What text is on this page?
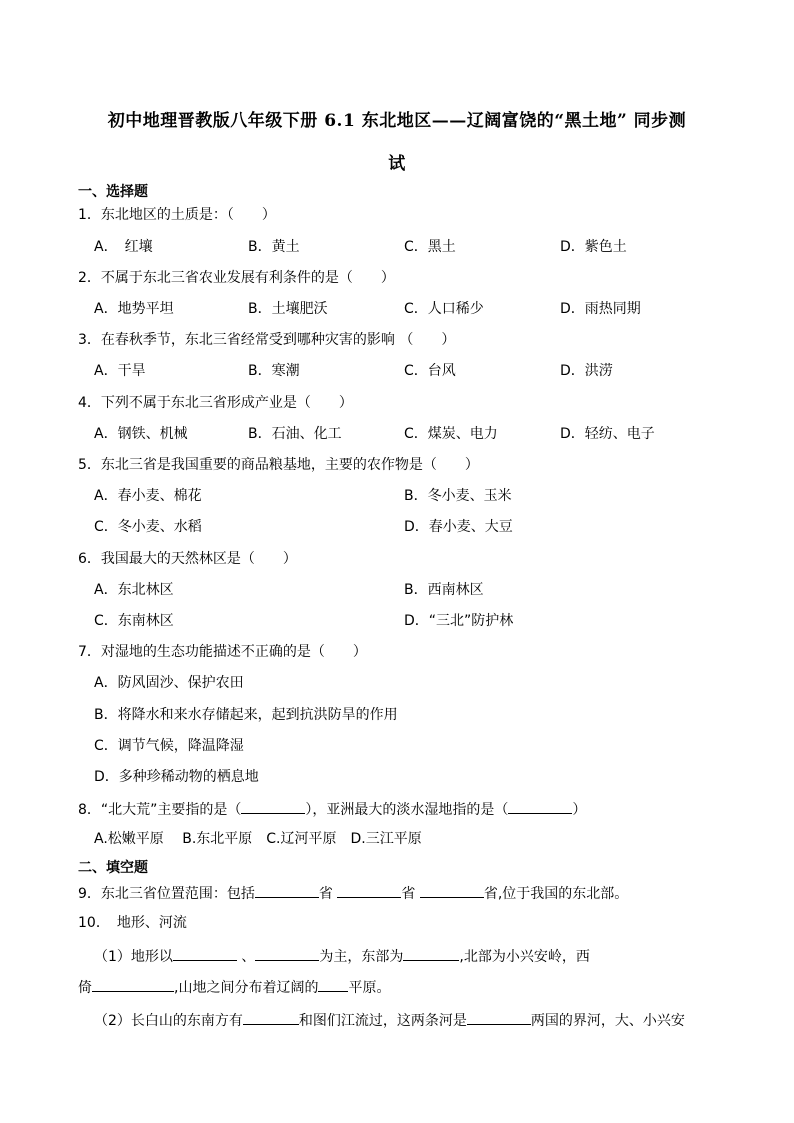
初中地理晋教版八年级下册 6.1 东北地区——辽阔富饶的“黑土地” 同步测
试
一、选择题
1．东北地区的土质是：（　　）
A．　红壤	B．黄土	C．黑土	D．紫色土
2．不属于东北三省农业发展有利条件的是（　　）
A．地势平坦	B．土壤肥沃	C．人口稀少	D．雨热同期
3．在春秋季节，东北三省经常受到哪种灾害的影响 （　　）
A．干旱	B．寒潮	C．台风	D．洪涝
4．下列不属于东北三省形成产业是（　　）
A．钢铁、机械	B．石油、化工	C．煤炭、电力	D．轻纺、电子
5．东北三省是我国重要的商品粮基地，主要的农作物是（　　）
A．春小麦、棉花	B．冬小麦、玉米
C．冬小麦、水稻	D．春小麦、大豆
6．我国最大的天然林区是（　　）
A．东北林区	B．西南林区
C．东南林区	D．“三北”防护林
7．对湿地的生态功能描述不正确的是（　　）
A．防风固沙、保护农田
B．将降水和来水存储起来，起到抗洪防旱的作用
C．调节气候，降温降湿
D．多种珍稀动物的栖息地
8．“北大荒”主要指的是（	），亚洲最大的淡水湿地指的是（	）
A.松嫩平原　 B.东北平原　C.辽河平原　D.三江平原
二、填空题
9．东北三省位置范围：包括	省	省	省,位于我国的东北部。
10．　地形、河流
（1）地形以	、	为主，东部为	,北部为小兴安岭，西
倚	,山地之间分布着辽阔的 平原。
（2）长白山的东南方有	和图们江流过，这两条河是	两国的界河，大、小兴安
